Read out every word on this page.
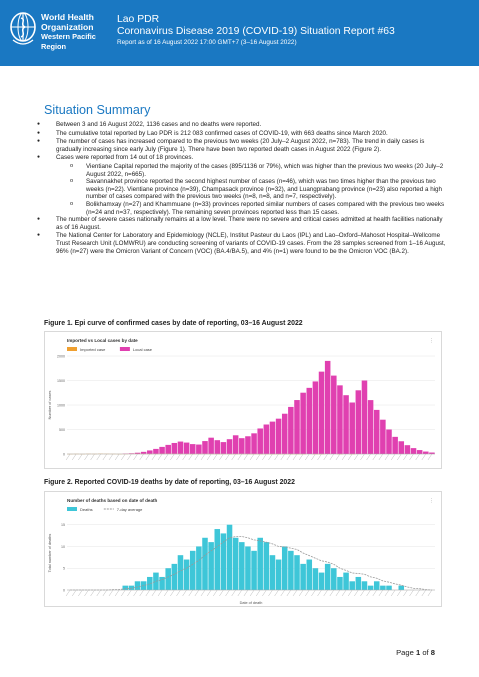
World Health
Organization
Western Pacific Region
Lao PDR
Coronavirus Disease 2019 (COVID-19) Situation Report #63
Report as of 16 August 2022 17:00 GMT+7 (3–16 August 2022)
Situation Summary
● Between 3 and 16 August 2022, 1136 cases and no deaths were reported.
● The cumulative total reported by Lao PDR is 212 083 confirmed cases of COVID-19, with 663 deaths since March 2020.
● The number of cases has increased compared to the previous two weeks (20 July–2 August 2022, n=783). The trend in daily cases is gradually increasing since early July (Figure 1). There have been two reported death cases in August 2022 (Figure 2).
● Cases were reported from 14 out of 18 provinces.
o Vientiane Capital reported the majority of the cases (895/1136 or 79%), which was higher than the previous two weeks (20 July–2 August 2022, n=665).
o Savannakhet province reported the second highest number of cases (n=46), which was two times higher than the previous two weeks (n=22). Vientiane province (n=39), Champasack province (n=32), and Luangprabang province (n=23) also reported a high number of cases compared with the previous two weeks (n=8, n=8, and n=7, respectively).
o Bolikhamxay (n=27) and Khammuane (n=33) provinces reported similar numbers of cases compared with the previous two weeks (n=24 and n=37, respectively). The remaining seven provinces reported less than 15 cases.
● The number of severe cases nationally remains at a low level. There were no severe and critical cases admitted at health facilities nationally as of 16 August.
● The National Center for Laboratory and Epidemiology (NCLE), Institut Pasteur du Laos (IPL) and Lao–Oxford–Mahosot Hospital–Wellcome Trust Research Unit (LOMWRU) are conducting screening of variants of COVID-19 cases. From the 28 samples screened from 1–16 August, 96% (n=27) were the Omicron Variant of Concern (VOC) (BA.4/BA.5), and 4% (n=1) were found to be the Omicron VOC (BA.2).
Figure 1. Epi curve of confirmed cases by date of reporting, 03–16 August 2022
Imported vs Local cases by date	⋮
Imported case	Local case
0
500
1000
1500
2000
Number of cases
Figure 2. Reported COVID-19 deaths by date of reporting, 03–16 August 2022
Number of deaths based on date of death	⋮
Deaths	7-day average
0
5
10
15
Total number of deaths
Date of death
Page 1 of 8
